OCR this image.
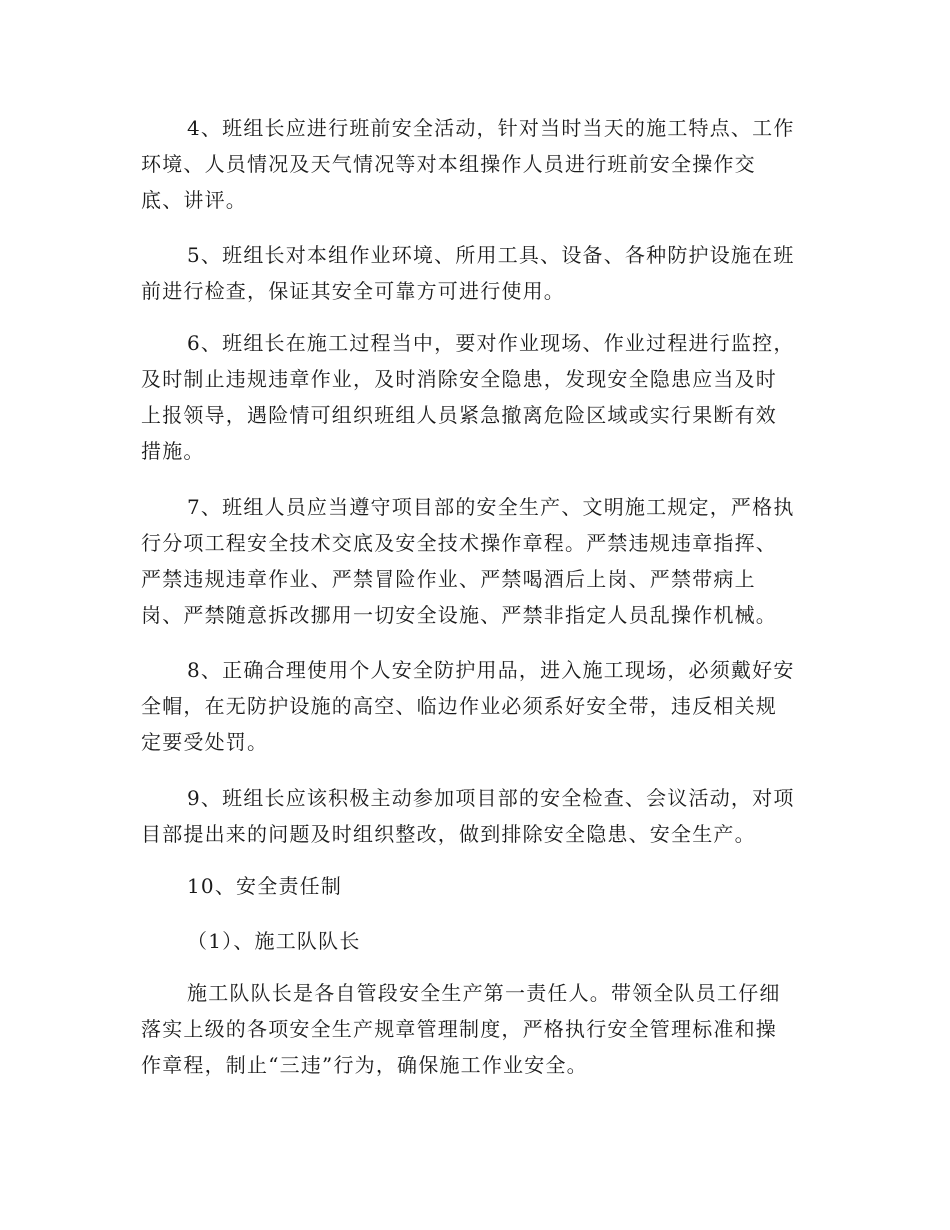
4、班组长应进行班前安全活动，针对当时当天的施工特点、工作
环境、人员情况及天气情况等对本组操作人员进行班前安全操作交
底、讲评。

5、班组长对本组作业环境、所用工具、设备、各种防护设施在班
前进行检查，保证其安全可靠方可进行使用。

6、班组长在施工过程当中，要对作业现场、作业过程进行监控，
及时制止违规违章作业，及时消除安全隐患，发现安全隐患应当及时
上报领导，遇险情可组织班组人员紧急撤离危险区域或实行果断有效
措施。

7、班组人员应当遵守项目部的安全生产、文明施工规定，严格执
行分项工程安全技术交底及安全技术操作章程。严禁违规违章指挥、
严禁违规违章作业、严禁冒险作业、严禁喝酒后上岗、严禁带病上
岗、严禁随意拆改挪用一切安全设施、严禁非指定人员乱操作机械。

8、正确合理使用个人安全防护用品，进入施工现场，必须戴好安
全帽，在无防护设施的高空、临边作业必须系好安全带，违反相关规
定要受处罚。

9、班组长应该积极主动参加项目部的安全检查、会议活动，对项
目部提出来的问题及时组织整改，做到排除安全隐患、安全生产。

10、安全责任制

（1）、施工队队长

施工队队长是各自管段安全生产第一责任人。带领全队员工仔细
落实上级的各项安全生产规章管理制度，严格执行安全管理标准和操
作章程，制止“三违”行为，确保施工作业安全。
